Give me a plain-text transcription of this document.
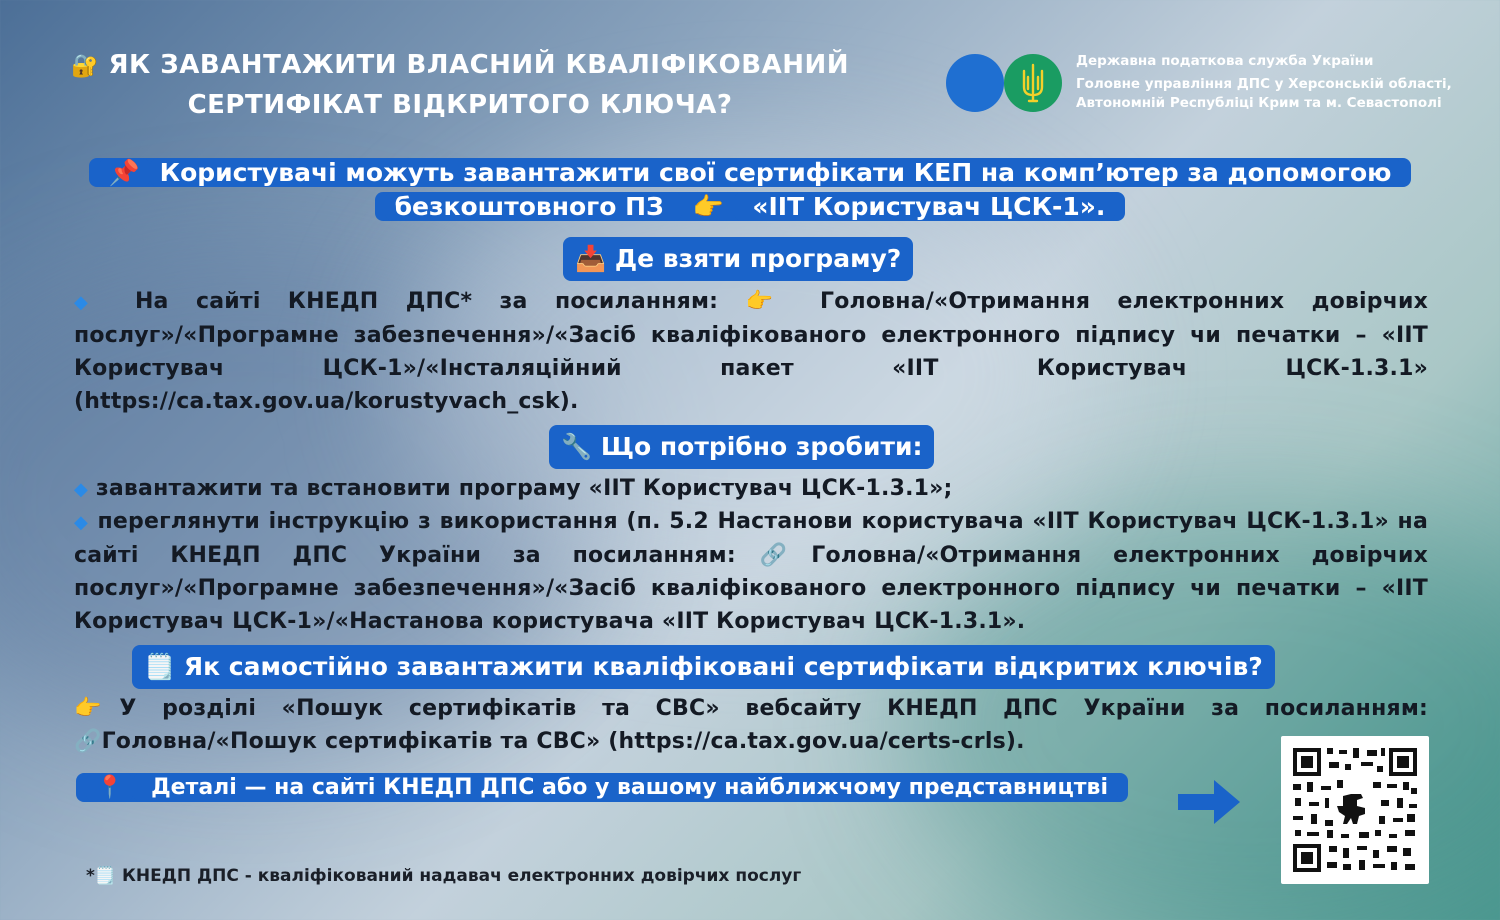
🔐 ЯК ЗАВАНТАЖИТИ ВЛАСНИЙ КВАЛІФІКОВАНИЙ
СЕРТИФІКАТ ВІДКРИТОГО КЛЮЧА?
Державна податкова служба України
Головне управління ДПС у Херсонській області,
Автономній Республіці Крим та м. Севастополі
📌 Користувачі можуть завантажити свої сертифікати КЕП на комп’ютер за допомогою безкоштовного ПЗ 👉 «ІІТ Користувач ЦСК-1».
📥 Де взяти програму?
◆ На сайті КНЕДП ДПС* за посиланням: 👉 Головна/«Отримання електронних довірчих послуг»/«Програмне забезпечення»/«Засіб кваліфікованого електронного підпису чи печатки – «ІІТ Користувач ЦСК-1»/«Інсталяційний пакет «ІІТ Користувач ЦСК-1.3.1» (https://ca.tax.gov.ua/korustyvach_csk).
🔧 Що потрібно зробити:
◆ завантажити та встановити програму «ІІТ Користувач ЦСК-1.3.1»;
◆ переглянути інструкцію з використання (п. 5.2 Настанови користувача «ІІТ Користувач ЦСК-1.3.1» на сайті КНЕДП ДПС України за посиланням:🔗Головна/«Отримання електронних довірчих послуг»/«Програмне забезпечення»/«Засіб кваліфікованого електронного підпису чи печатки – «ІІТ Користувач ЦСК-1»/«Настанова користувача «ІІТ Користувач ЦСК-1.3.1».
🗒️ Як самостійно завантажити кваліфіковані сертифікати відкритих ключів?
👉У розділі «Пошук сертифікатів та СВС» вебсайту КНЕДП ДПС України за посиланням: 🔗Головна/«Пошук сертифікатів та СВС» (https://ca.tax.gov.ua/certs-crls).
📍 Деталі — на сайті КНЕДП ДПС або у вашому найближчому представництві
*🗒️ КНЕДП ДПС - кваліфікований надавач електронних довірчих послуг
